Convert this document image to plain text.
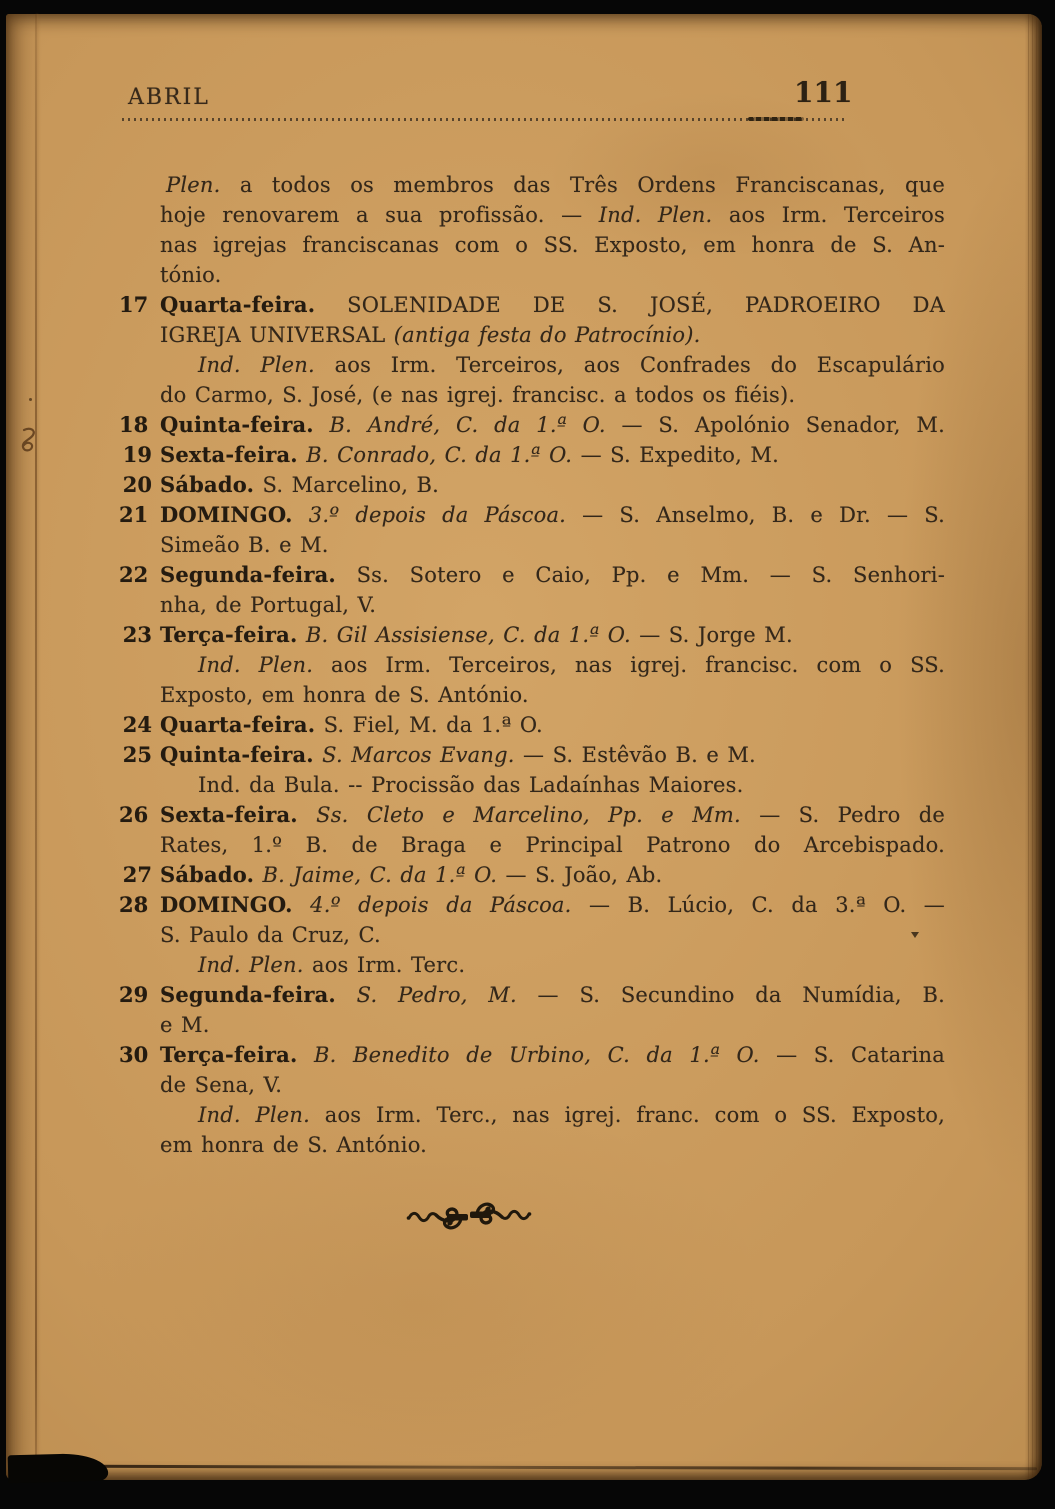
ABRIL	111
Plen. a todos os membros das Três Ordens Franciscanas, que
hoje renovarem a sua profissão. — Ind. Plen. aos Irm. Terceiros
nas igrejas franciscanas com o SS. Exposto, em honra de S. An-
tónio.
17 Quarta-feira. SOLENIDADE DE S. JOSÉ, PADROEIRO DA
IGREJA UNIVERSAL (antiga festa do Patrocínio).
Ind. Plen. aos Irm. Terceiros, aos Confrades do Escapulário
do Carmo, S. José, (e nas igrej. francisc. a todos os fiéis).
18 Quinta-feira. B. André, C. da 1.ª O. — S. Apolónio Senador, M.
19 Sexta-feira. B. Conrado, C. da 1.ª O. — S. Expedito, M.
20 Sábado. S. Marcelino, B.
21 DOMINGO. 3.º depois da Páscoa. — S. Anselmo, B. e Dr. — S.
Simeão B. e M.
22 Segunda-feira. Ss. Sotero e Caio, Pp. e Mm. — S. Senhori-
nha, de Portugal, V.
23 Terça-feira. B. Gil Assisiense, C. da 1.ª O. — S. Jorge M.
Ind. Plen. aos Irm. Terceiros, nas igrej. francisc. com o SS.
Exposto, em honra de S. António.
24 Quarta-feira. S. Fiel, M. da 1.ª O.
25 Quinta-feira. S. Marcos Evang. — S. Estêvão B. e M.
Ind. da Bula. -- Procissão das Ladaínhas Maiores.
26 Sexta-feira. Ss. Cleto e Marcelino, Pp. e Mm. — S. Pedro de
Rates, 1.º B. de Braga e Principal Patrono do Arcebispado.
27 Sábado. B. Jaime, C. da 1.ª O. — S. João, Ab.
28 DOMINGO. 4.º depois da Páscoa. — B. Lúcio, C. da 3.ª O. —
S. Paulo da Cruz, C.
Ind. Plen. aos Irm. Terc.
29 Segunda-feira. S. Pedro, M. — S. Secundino da Numídia, B.
e M.
30 Terça-feira. B. Benedito de Urbino, C. da 1.ª O. — S. Catarina
de Sena, V.
Ind. Plen. aos Irm. Terc., nas igrej. franc. com o SS. Exposto,
em honra de S. António.
